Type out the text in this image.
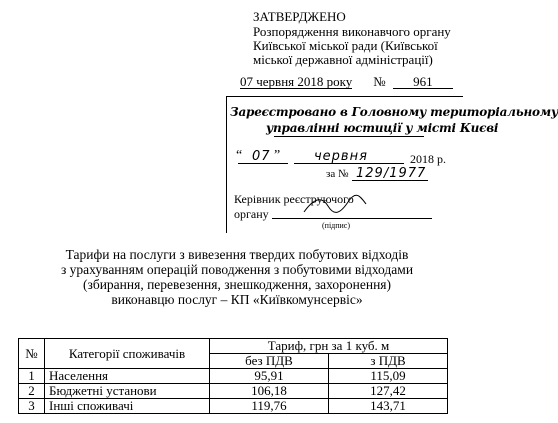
ЗАТВЕРДЖЕНО
Розпорядження виконавчого органу
Київської міської ради (Київської
міської державної адміністрації)
07 червня 2018 року № 961
Зареєстровано в Головному територіальному
управлінні юстиції у місті Києві
“ 07 ”	червня	2018 р.
за № 129/1977
Керівник реєструючого
органу
(підпис)
Тарифи на послуги з вивезення твердих побутових відходів
з урахуванням операцій поводження з побутовими відходами
(збирання, перевезення, знешкодження, захоронення)
виконавцю послуг – КП «Київкомунсервіс»
№	Категорії споживачів	Тариф, грн за 1 куб. м	
		без ПДВ	з ПДВ
1	Населення	95,91	115,09
2	Бюджетні установи	106,18	127,42
3	Інші споживачі	119,76	143,71
